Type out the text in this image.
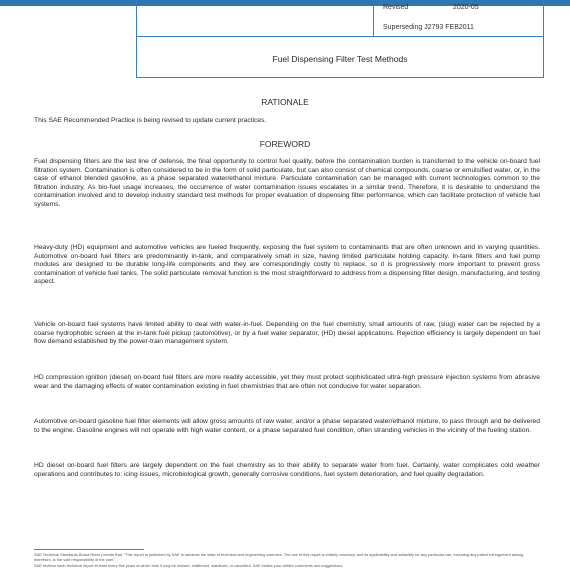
Revised	2020-05
Superseding J2793 FEB2011
Fuel Dispensing Filter Test Methods
RATIONALE

This SAE Recommended Practice is being revised to update current practices.

FOREWORD

Fuel dispensing filters are the last line of defense, the final opportunity to control fuel quality, before the contamination burden is transferred to the vehicle on-board fuel filtration system. Contamination is often considered to be in the form of solid particulate, but can also consist of chemical compounds, coarse or emulsified water, or, in the case of ethanol blended gasoline, as a phase separated water/ethanol mixture. Particulate contamination can be managed with current technologies common to the filtration industry. As bio-fuel usage increases, the occurrence of water contamination issues escalates in a similar trend. Therefore, it is desirable to understand the contamination involved and to develop industry standard test methods for proper evaluation of dispensing filter performance, which can facilitate protection of vehicle fuel systems.

Heavy-duty (HD) equipment and automotive vehicles are fueled frequently, exposing the fuel system to contaminants that are often unknown and in varying quantities. Automotive on-board fuel filters are predominantly in-tank, and comparatively small in size, having limited particulate holding capacity. In-tank filters and fuel pump modules are designed to be durable long-life components and they are correspondingly costly to replace, so it is progressively more important to prevent gross contamination of vehicle fuel tanks. The solid particulate removal function is the most straightforward to address from a dispensing filter design, manufacturing, and testing aspect.

Vehicle on-board fuel systems have limited ability to deal with water-in-fuel. Depending on the fuel chemistry, small amounts of raw, (slug) water can be rejected by a coarse hydrophobic screen at the in-tank fuel pickup (automotive), or by a fuel water separator, (HD) diesel applications. Rejection efficiency is largely dependent on fuel flow demand established by the power-train management system.

HD compression ignition (diesel) on-board fuel filters are more readily accessible, yet they must protect sophisticated ultra-high pressure injection systems from abrasive wear and the damaging effects of water contamination existing in fuel chemistries that are often not conducive for water separation.

Automotive on-board gasoline fuel filter elements will allow gross amounts of raw water, and/or a phase separated water/ethanol mixture, to pass through and be delivered to the engine. Gasoline engines will not operate with high water content, or a phase separated fuel condition, often stranding vehicles in the vicinity of the fueling station.

HD diesel on-board fuel filters are largely dependent on the fuel chemistry as to their ability to separate water from fuel. Certainly, water complicates cold weather operations and contributes to: icing issues, microbiological growth, generally corrosive conditions, fuel system deterioration, and fuel quality degradation.

SAE Technical Standards Board Rules provide that: "This report is published by SAE to advance the state of technical and engineering sciences. The use of this report is entirely voluntary, and its applicability and suitability for any particular use, including any patent infringement arising therefrom, is the sole responsibility of the user."

SAE reviews each technical report at least every five years at which time it may be revised, reaffirmed, stabilized, or cancelled. SAE invites your written comments and suggestions.
